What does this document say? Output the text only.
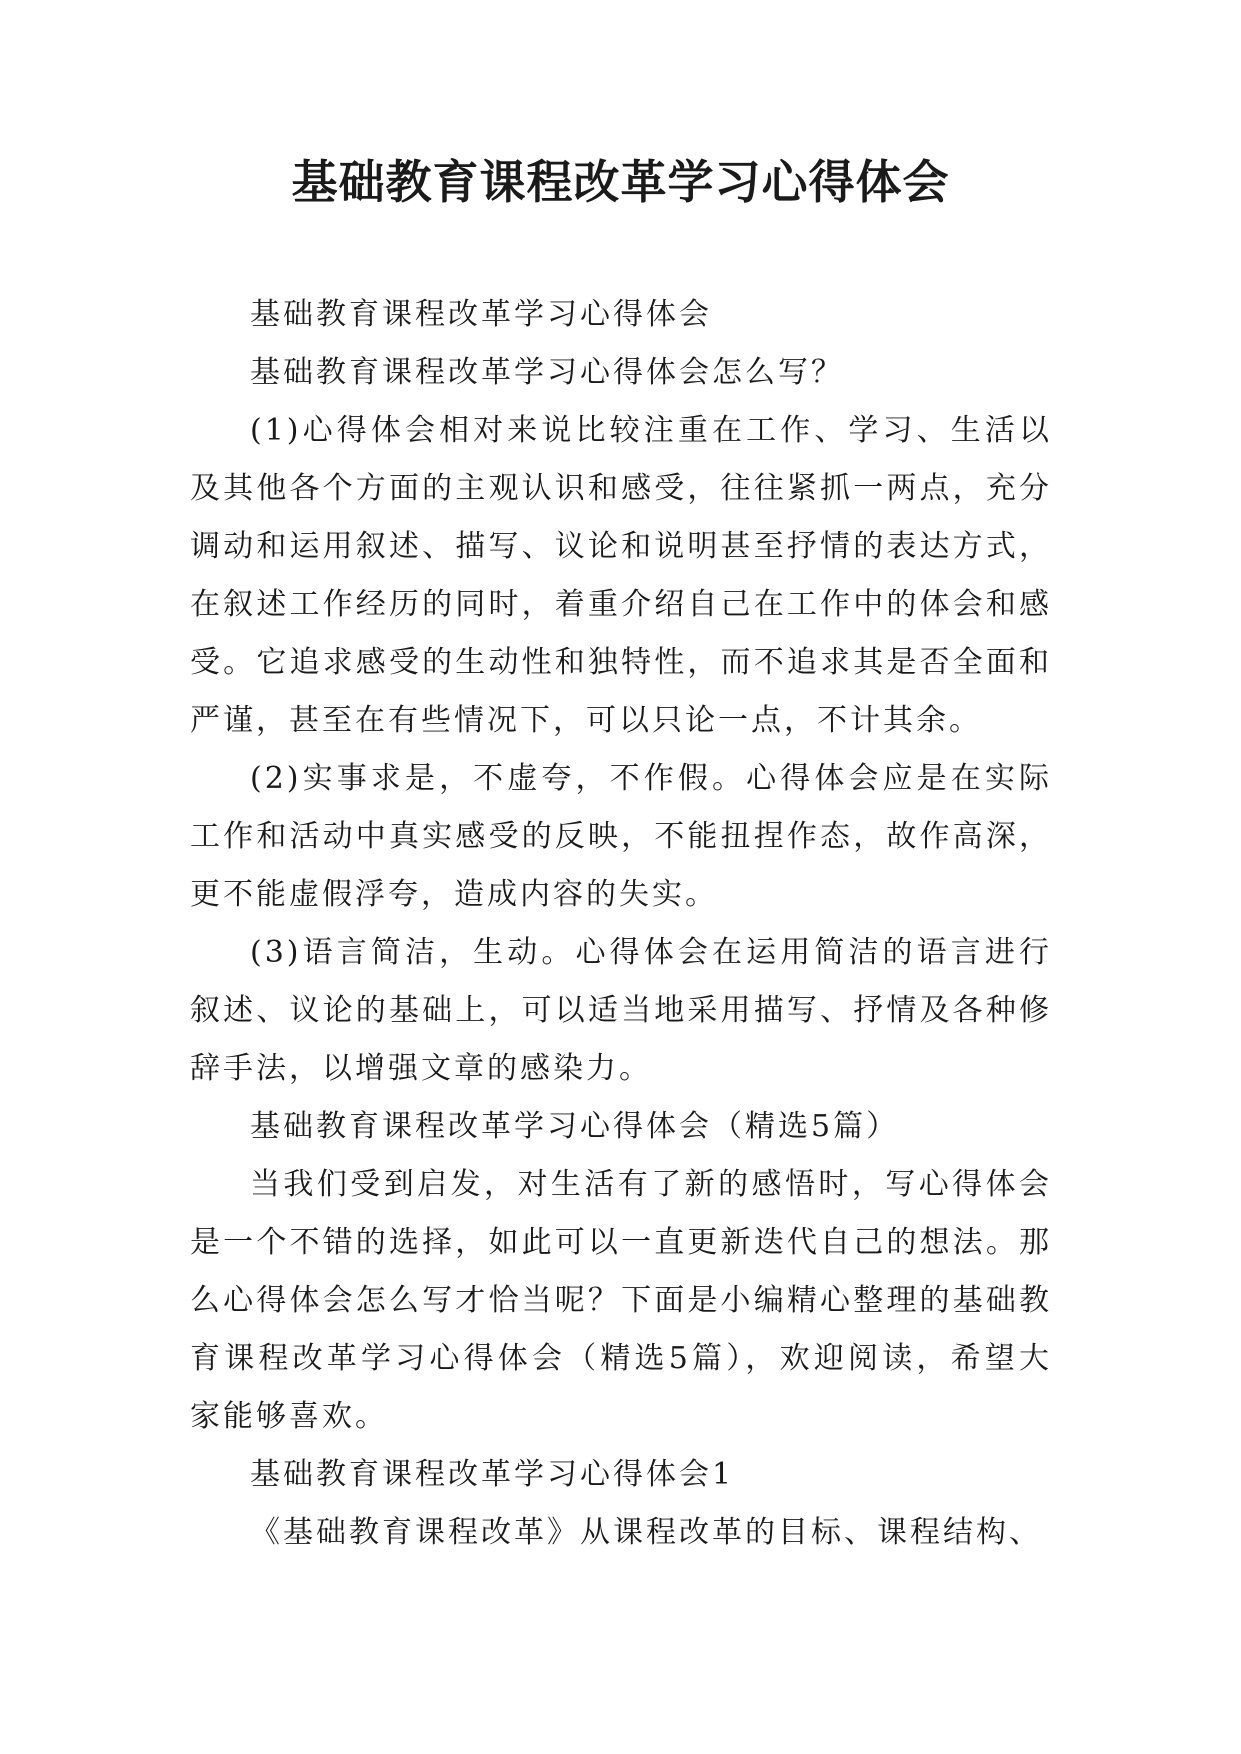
基础教育课程改革学习心得体会

基础教育课程改革学习心得体会

基础教育课程改革学习心得体会怎么写？

(1)心得体会相对来说比较注重在工作、学习、生活以及其他各个方面的主观认识和感受，往往紧抓一两点，充分调动和运用叙述、描写、议论和说明甚至抒情的表达方式，在叙述工作经历的同时，着重介绍自己在工作中的体会和感受。它追求感受的生动性和独特性，而不追求其是否全面和严谨，甚至在有些情况下，可以只论一点，不计其余。

(2)实事求是，不虚夸，不作假。心得体会应是在实际工作和活动中真实感受的反映，不能扭捏作态，故作高深，更不能虚假浮夸，造成内容的失实。

(3)语言简洁，生动。心得体会在运用简洁的语言进行叙述、议论的基础上，可以适当地采用描写、抒情及各种修辞手法，以增强文章的感染力。

基础教育课程改革学习心得体会（精选5篇）

当我们受到启发，对生活有了新的感悟时，写心得体会是一个不错的选择，如此可以一直更新迭代自己的想法。那么心得体会怎么写才恰当呢？下面是小编精心整理的基础教育课程改革学习心得体会（精选5篇），欢迎阅读，希望大家能够喜欢。

基础教育课程改革学习心得体会1

《基础教育课程改革》从课程改革的目标、课程结构、
